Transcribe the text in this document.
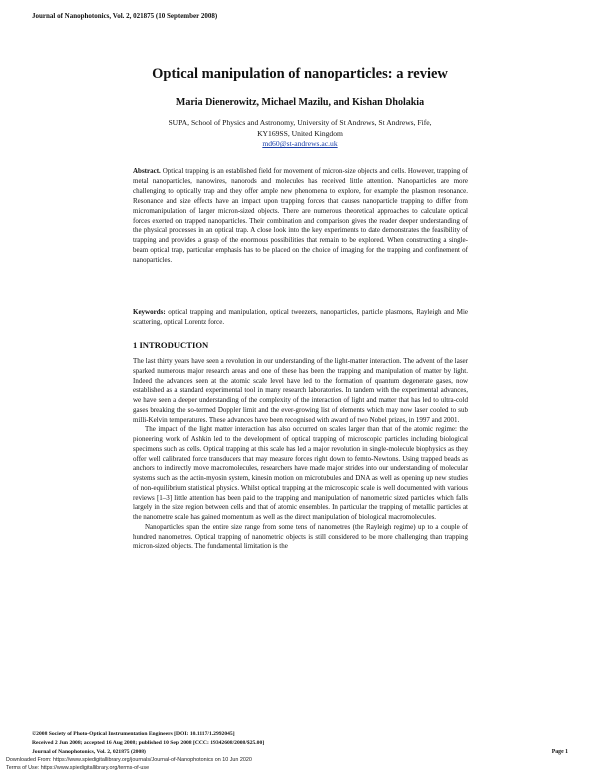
Journal of Nanophotonics, Vol. 2, 021875 (10 September 2008)
Optical manipulation of nanoparticles: a review
Maria Dienerowitz, Michael Mazilu, and Kishan Dholakia
SUPA, School of Physics and Astronomy, University of St Andrews, St Andrews, Fife,
KY169SS, United Kingdom
md60@st-andrews.ac.uk
Abstract. Optical trapping is an established field for movement of micron-size objects and cells. However, trapping of metal nanoparticles, nanowires, nanorods and molecules has received little attention. Nanoparticles are more challenging to optically trap and they offer ample new phenomena to explore, for example the plasmon resonance. Resonance and size effects have an impact upon trapping forces that causes nanoparticle trapping to differ from micromanipulation of larger micron-sized objects. There are numerous theoretical approaches to calculate optical forces exerted on trapped nanoparticles. Their combination and comparison gives the reader deeper understanding of the physical processes in an optical trap. A close look into the key experiments to date demonstrates the feasibility of trapping and provides a grasp of the enormous possibilities that remain to be explored. When constructing a single-beam optical trap, particular emphasis has to be placed on the choice of imaging for the trapping and confinement of nanoparticles.
Keywords: optical trapping and manipulation, optical tweezers, nanoparticles, particle plasmons, Rayleigh and Mie scattering, optical Lorentz force.
1 INTRODUCTION

The last thirty years have seen a revolution in our understanding of the light-matter interaction. The advent of the laser sparked numerous major research areas and one of these has been the trapping and manipulation of matter by light. Indeed the advances seen at the atomic scale level have led to the formation of quantum degenerate gases, now established as a standard experimental tool in many research laboratories. In tandem with the experimental advances, we have seen a deeper understanding of the complexity of the interaction of light and matter that has led to ultra-cold gases breaking the so-termed Doppler limit and the ever-growing list of elements which may now laser cooled to sub milli-Kelvin temperatures. These advances have been recognised with award of two Nobel prizes, in 1997 and 2001.

The impact of the light matter interaction has also occurred on scales larger than that of the atomic regime: the pioneering work of Ashkin led to the development of optical trapping of microscopic particles including biological specimens such as cells. Optical trapping at this scale has led a major revolution in single-molecule biophysics as they offer well calibrated force transducers that may measure forces right down to femto-Newtons. Using trapped beads as anchors to indirectly move macromolecules, researchers have made major strides into our understanding of molecular systems such as the actin-myosin system, kinesin motion on microtubules and DNA as well as opening up new studies of non-equilibrium statistical physics. Whilst optical trapping at the microscopic scale is well documented with various reviews [1–3] little attention has been paid to the trapping and manipulation of nanometric sized particles which falls largely in the size region between cells and that of atomic ensembles. In particular the trapping of metallic particles at the nanometre scale has gained momentum as well as the direct manipulation of biological macromolecules.

Nanoparticles span the entire size range from some tens of nanometres (the Rayleigh regime) up to a couple of hundred nanometres. Optical trapping of nanometric objects is still considered to be more challenging than trapping micron-sized objects. The fundamental limitation is the

©2008 Society of Photo-Optical Instrumentation Engineers [DOI: 10.1117/1.2992045]
Received 2 Jun 2008; accepted 16 Aug 2008; published 10 Sep 2008 [CCC: 19342608/2008/$25.00]
Journal of Nanophotonics, Vol. 2, 021875 (2008)	Page 1
Downloaded From: https://www.spiedigitallibrary.org/journals/Journal-of-Nanophotonics on 10 Jun 2020
Terms of Use: https://www.spiedigitallibrary.org/terms-of-use
